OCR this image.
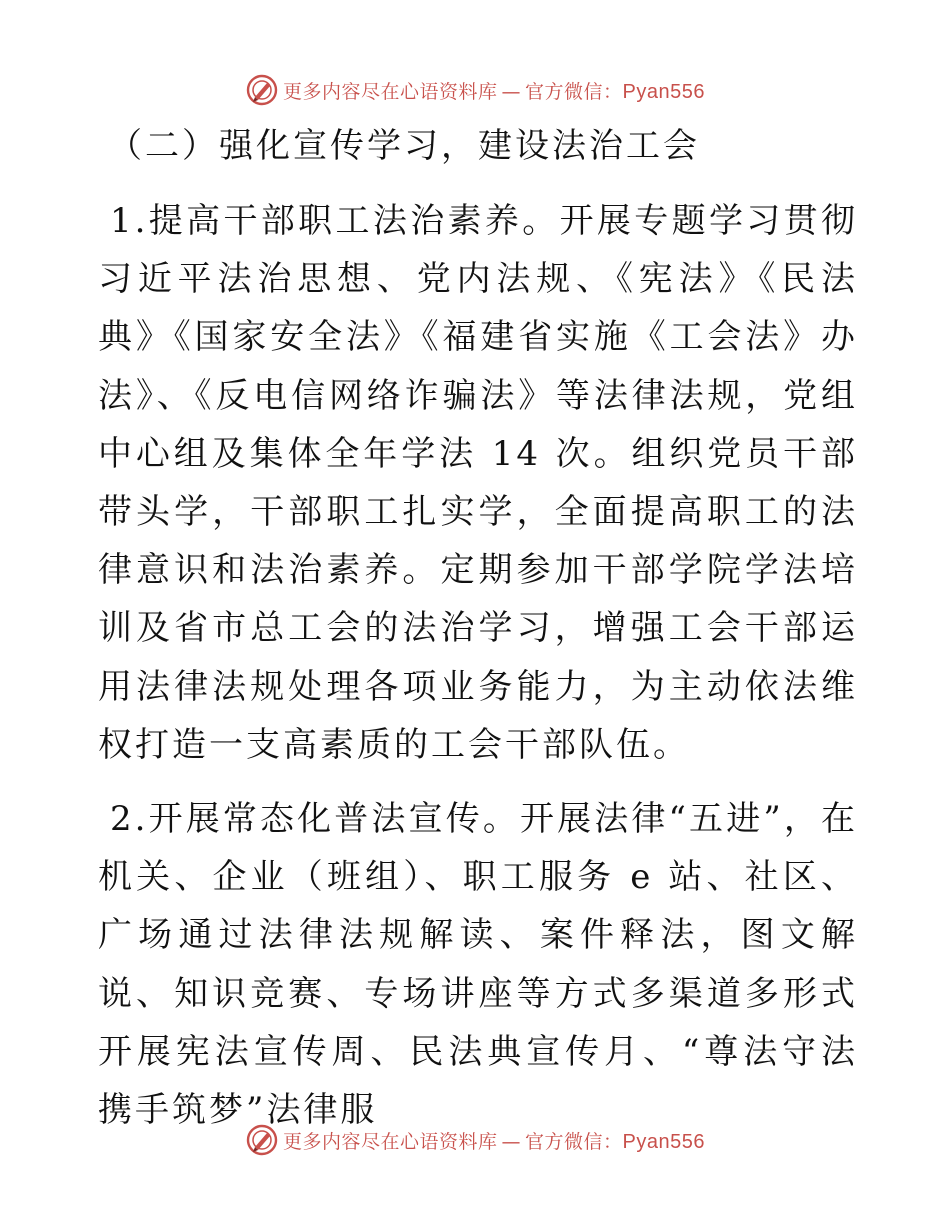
更多内容尽在心语资料库 — 官方微信：Pyan556
（二）强化宣传学习，建设法治工会
1.提高干部职工法治素养。开展专题学习贯彻习近平法治思想、党内法规、《宪法》《民法典》《国家安全法》《福建省实施《工会法》办法》、《反电信网络诈骗法》等法律法规，党组中心组及集体全年学法 14 次。组织党员干部带头学，干部职工扎实学，全面提高职工的法律意识和法治素养。定期参加干部学院学法培训及省市总工会的法治学习，增强工会干部运用法律法规处理各项业务能力，为主动依法维权打造一支高素质的工会干部队伍。
2.开展常态化普法宣传。开展法律“五进”，在机关、企业（班组）、职工服务 e 站、社区、广场通过法律法规解读、案件释法，图文解说、知识竞赛、专场讲座等方式多渠道多形式开展宪法宣传周、民法典宣传月、“尊法守法携手筑梦”法律服
更多内容尽在心语资料库 — 官方微信：Pyan556
